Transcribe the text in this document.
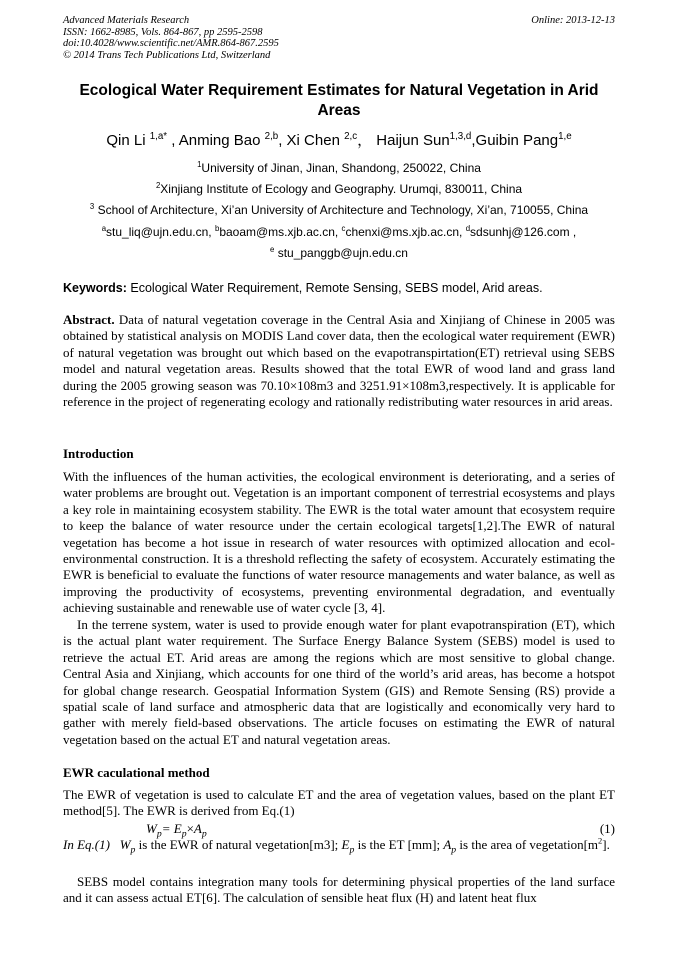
Advanced Materials Research
ISSN: 1662-8985, Vols. 864-867, pp 2595-2598
doi:10.4028/www.scientific.net/AMR.864-867.2595
© 2014 Trans Tech Publications Ltd, Switzerland
Online: 2013-12-13
Ecological Water Requirement Estimates for Natural Vegetation in Arid Areas
Qin Li $^{1,a*}$ , Anming Bao $^{2,b}$, Xi Chen $^{2,c}$， Haijun Sun$^{1,3,d}$,Guibin Pang$^{1,e}$
$^1$University of Jinan, Jinan, Shandong, 250022, China
$^2$Xinjiang Institute of Ecology and Geography. Urumqi, 830011, China
$^3$ School of Architecture, Xi’an University of Architecture and Technology, Xi’an, 710055, China
$^a$stu_liq@ujn.edu.cn, $^b$baoam@ms.xjb.ac.cn, $^c$chenxi@ms.xjb.ac.cn, $^d$sdsunhj@126.com ,
$^e$ stu_panggb@ujn.edu.cn
Keywords: Ecological Water Requirement, Remote Sensing, SEBS model, Arid areas.
Abstract. Data of natural vegetation coverage in the Central Asia and Xinjiang of Chinese in 2005 was obtained by statistical analysis on MODIS Land cover data, then the ecological water requirement (EWR) of natural vegetation was brought out which based on the evapotranspirtation(ET) retrieval using SEBS model and natural vegetation areas. Results showed that the total EWR of wood land and grass land during the 2005 growing season was 70.10×108m3 and 3251.91×108m3,respectively. It is applicable for reference in the project of regenerating ecology and rationally redistributing water resources in arid areas.
Introduction
With the influences of the human activities, the ecological environment is deteriorating, and a series of water problems are brought out. Vegetation is an important component of terrestrial ecosystems and plays a key role in maintaining ecosystem stability. The EWR is the total water amount that ecosystem require to keep the balance of water resource under the certain ecological targets[1,2].The EWR of natural vegetation has become a hot issue in research of water resources with optimized allocation and ecol-environmental construction. It is a threshold reflecting the safety of ecosystem. Accurately estimating the EWR is beneficial to evaluate the functions of water resource managements and water balance, as well as improving the productivity of ecosystems, preventing environmental degradation, and eventually achieving sustainable and renewable use of water cycle [3, 4].
In the terrene system, water is used to provide enough water for plant evapotranspiration (ET), which is the actual plant water requirement. The Surface Energy Balance System (SEBS) model is used to retrieve the actual ET. Arid areas are among the regions which are most sensitive to global change. Central Asia and Xinjiang, which accounts for one third of the world’s arid areas, has become a hotspot for global change research. Geospatial Information System (GIS) and Remote Sensing (RS) provide a spatial scale of land surface and atmospheric data that are logistically and economically very hard to gather with merely field-based observations. The article focuses on estimating the EWR of natural vegetation based on the actual ET and natural vegetation areas.
EWR caculational method
The EWR of vegetation is used to calculate ET and the area of vegetation values, based on the plant ET method[5]. The EWR is derived from Eq.(1)
$W_p= E_p\times A_p$	(1)
In Eq.(1) $W_p$ is the EWR of natural vegetation[m3]; $E_p$ is the ET [mm]; $A_p$ is the area of $vegetation[m^2]$.
SEBS model contains integration many tools for determining physical properties of the land surface and it can assess actual ET[6]. The calculation of sensible heat flux (H) and latent heat flux
